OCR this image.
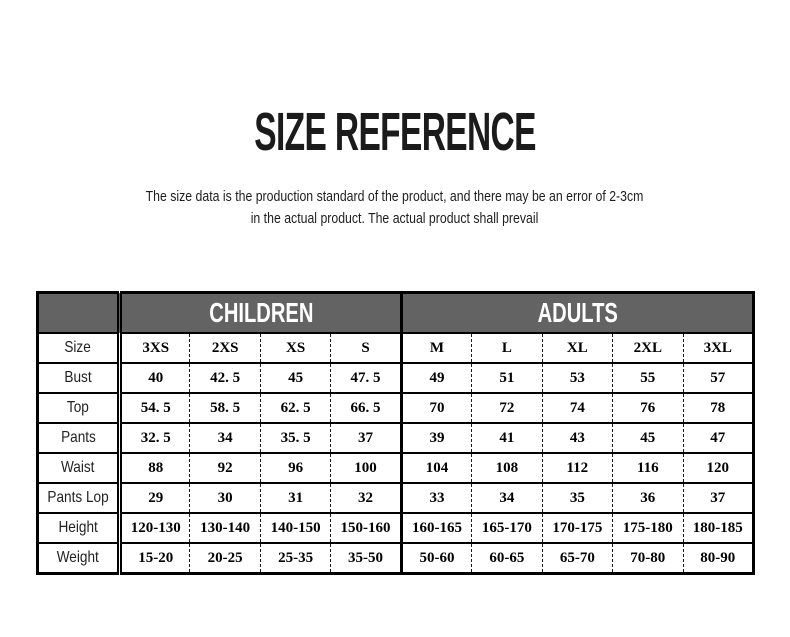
SIZE REFERENCE
The size data is the production standard of the product, and there may be an error of 2-3cm
in the actual product. The actual product shall prevail
	CHILDREN				ADULTS				
Size	3XS	2XS	XS	S	M	L	XL	2XL	3XL
Bust	40	42. 5	45	47. 5	49	51	53	55	57
Top	54. 5	58. 5	62. 5	66. 5	70	72	74	76	78
Pants	32. 5	34	35. 5	37	39	41	43	45	47
Waist	88	92	96	100	104	108	112	116	120
Pants Lop	29	30	31	32	33	34	35	36	37
Height	120-130	130-140	140-150	150-160	160-165	165-170	170-175	175-180	180-185
Weight	15-20	20-25	25-35	35-50	50-60	60-65	65-70	70-80	80-90
